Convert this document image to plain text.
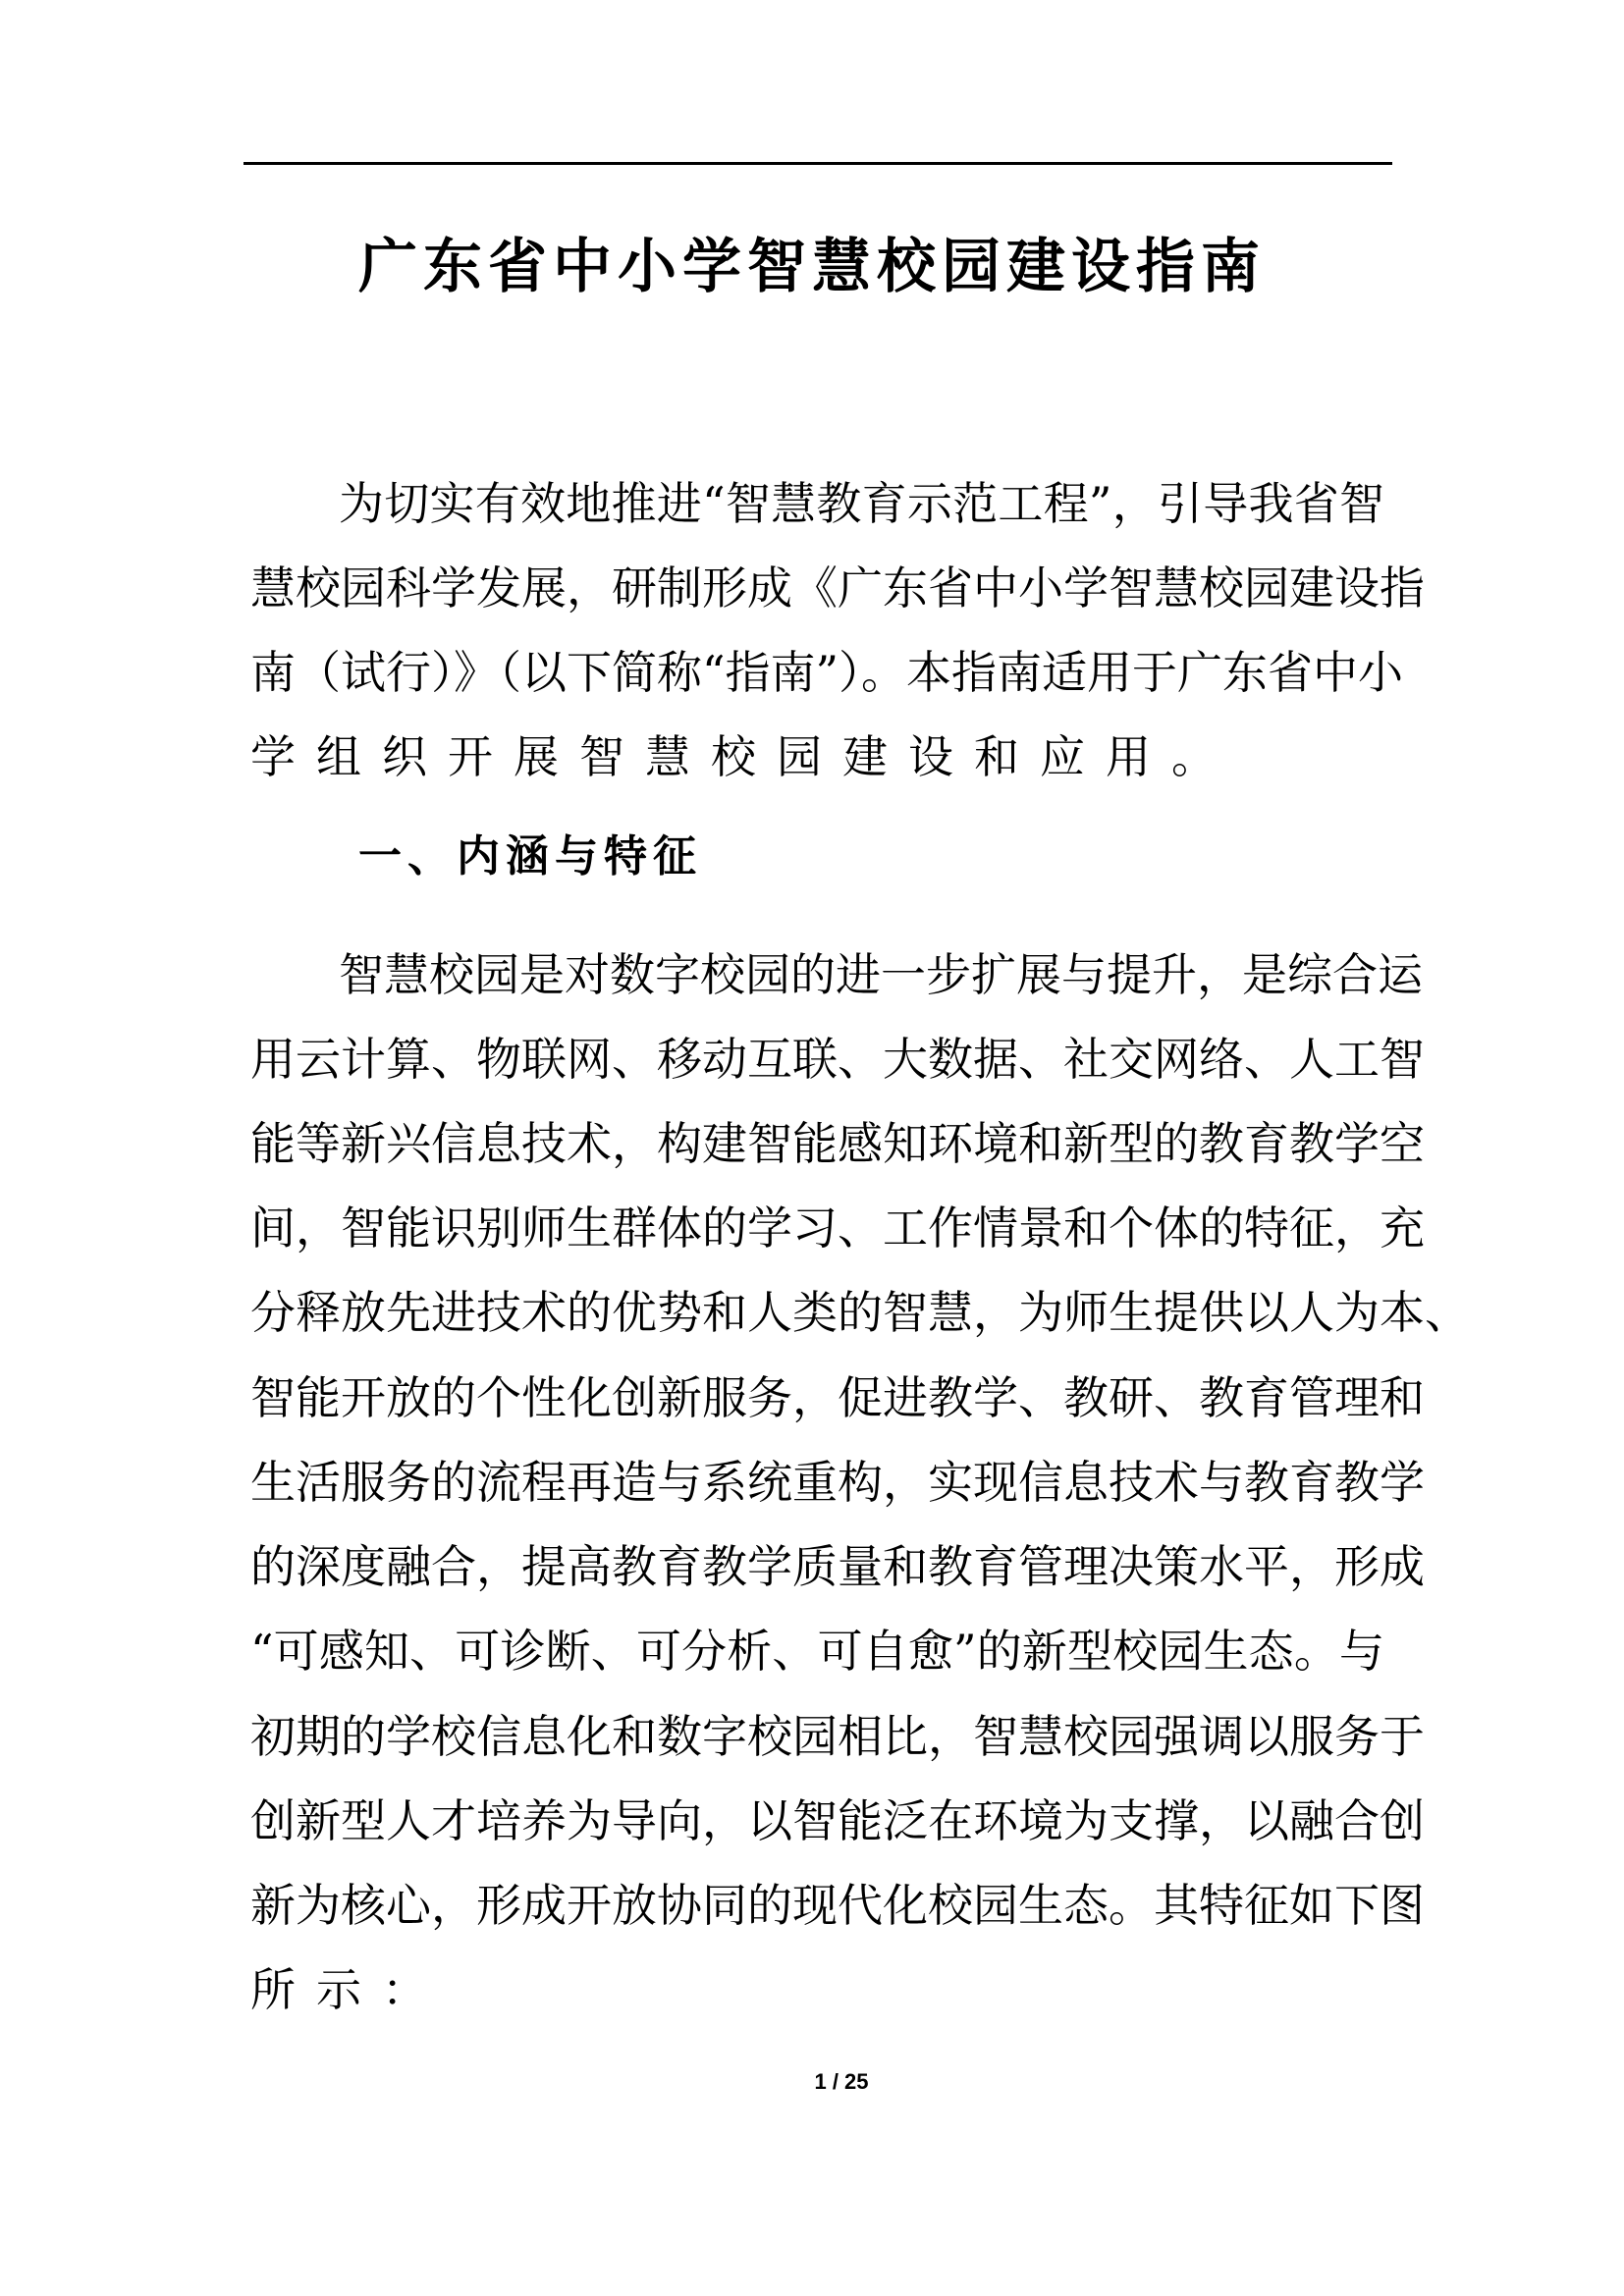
广东省中小学智慧校园建设指南
为切实有效地推进“智慧教育示范工程”，引导我省智
慧校园科学发展，研制形成《广东省中小学智慧校园建设指
南（试行）》（以下简称“指南”）。本指南适用于广东省中小
学组织开展智慧校园建设和应用。
一、内涵与特征
智慧校园是对数字校园的进一步扩展与提升，是综合运
用云计算、物联网、移动互联、大数据、社交网络、人工智
能等新兴信息技术，构建智能感知环境和新型的教育教学空
间，智能识别师生群体的学习、工作情景和个体的特征，充
分释放先进技术的优势和人类的智慧，为师生提供以人为本、
智能开放的个性化创新服务，促进教学、教研、教育管理和
生活服务的流程再造与系统重构，实现信息技术与教育教学
的深度融合，提高教育教学质量和教育管理决策水平，形成
“可感知、可诊断、可分析、可自愈”的新型校园生态。与
初期的学校信息化和数字校园相比，智慧校园强调以服务于
创新型人才培养为导向，以智能泛在环境为支撑，以融合创
新为核心，形成开放协同的现代化校园生态。其特征如下图
所示：
1 / 25
